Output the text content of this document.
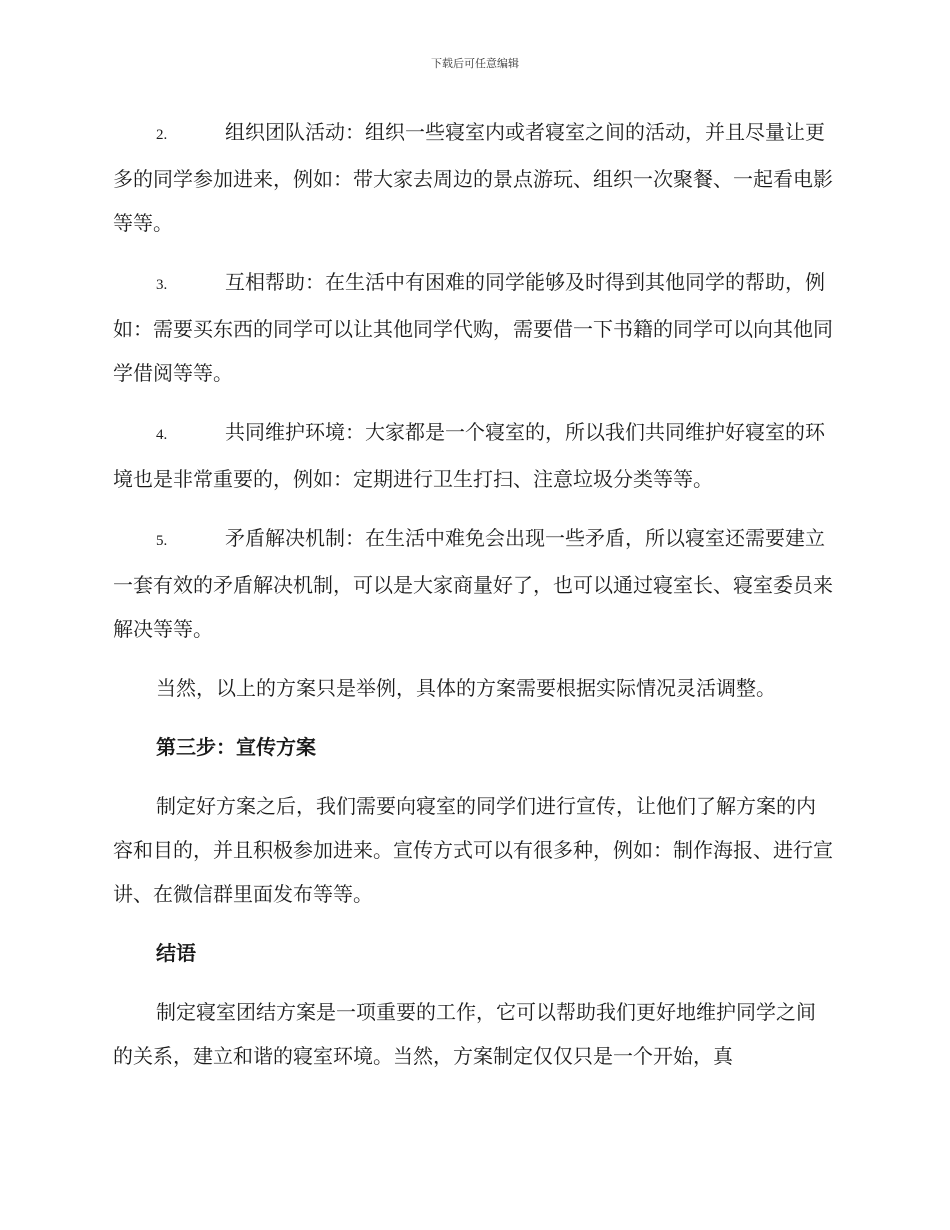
下载后可任意编辑

2.	组织团队活动：组织一些寝室内或者寝室之间的活动，并且尽量让更多的同学参加进来，例如：带大家去周边的景点游玩、组织一次聚餐、一起看电影等等。

3.	互相帮助：在生活中有困难的同学能够及时得到其他同学的帮助，例如：需要买东西的同学可以让其他同学代购，需要借一下书籍的同学可以向其他同学借阅等等。

4.	共同维护环境：大家都是一个寝室的，所以我们共同维护好寝室的环境也是非常重要的，例如：定期进行卫生打扫、注意垃圾分类等等。

5.	矛盾解决机制：在生活中难免会出现一些矛盾，所以寝室还需要建立一套有效的矛盾解决机制，可以是大家商量好了，也可以通过寝室长、寝室委员来解决等等。

当然，以上的方案只是举例，具体的方案需要根据实际情况灵活调整。

第三步：宣传方案

制定好方案之后，我们需要向寝室的同学们进行宣传，让他们了解方案的内容和目的，并且积极参加进来。宣传方式可以有很多种，例如：制作海报、进行宣讲、在微信群里面发布等等。

结语

制定寝室团结方案是一项重要的工作，它可以帮助我们更好地维护同学之间的关系，建立和谐的寝室环境。当然，方案制定仅仅只是一个开始，真
